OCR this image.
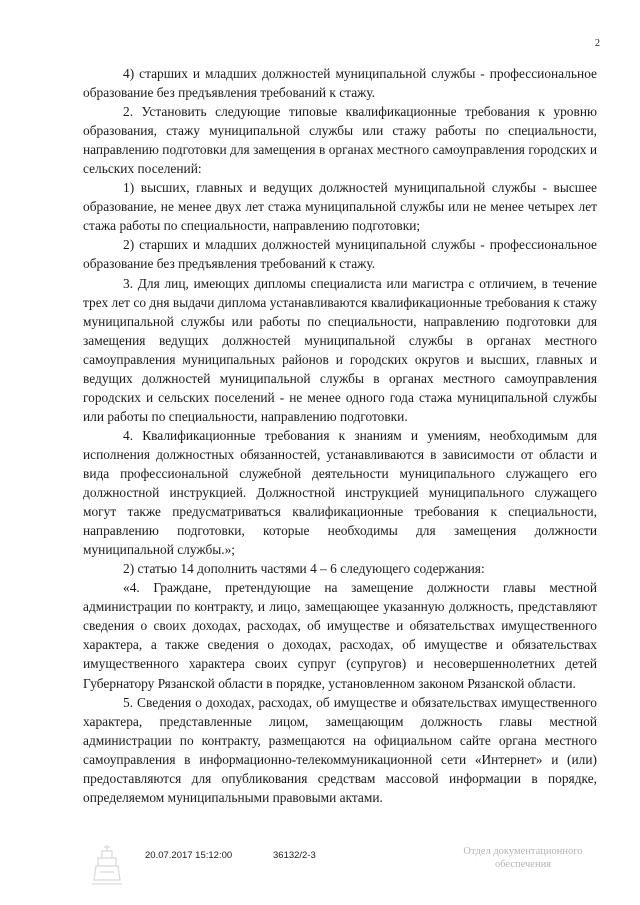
2

4) старших и младших должностей муниципальной службы - профессиональное образование без предъявления требований к стажу.

2. Установить следующие типовые квалификационные требования к уровню образования, стажу муниципальной службы или стажу работы по специальности, направлению подготовки для замещения в органах местного самоуправления городских и сельских поселений:

1) высших, главных и ведущих должностей муниципальной службы - высшее образование, не менее двух лет стажа муниципальной службы или не менее четырех лет стажа работы по специальности, направлению подготовки;

2) старших и младших должностей муниципальной службы - профессиональное образование без предъявления требований к стажу.

3. Для лиц, имеющих дипломы специалиста или магистра с отличием, в течение трех лет со дня выдачи диплома устанавливаются квалификационные требования к стажу муниципальной службы или работы по специальности, направлению подготовки для замещения ведущих должностей муниципальной службы в органах местного самоуправления муниципальных районов и городских округов и высших, главных и ведущих должностей муниципальной службы в органах местного самоуправления городских и сельских поселений - не менее одного года стажа муниципальной службы или работы по специальности, направлению подготовки.

4. Квалификационные требования к знаниям и умениям, необходимым для исполнения должностных обязанностей, устанавливаются в зависимости от области и вида профессиональной служебной деятельности муниципального служащего его должностной инструкцией. Должностной инструкцией муниципального служащего могут также предусматриваться квалификационные требования к специальности, направлению подготовки, которые необходимы для замещения должности муниципальной службы.»;

2) статью 14 дополнить частями 4 – 6 следующего содержания:

«4. Граждане, претендующие на замещение должности главы местной администрации по контракту, и лицо, замещающее указанную должность, представляют сведения о своих доходах, расходах, об имуществе и обязательствах имущественного характера, а также сведения о доходах, расходах, об имуществе и обязательствах имущественного характера своих супруг (супругов) и несовершеннолетних детей Губернатору Рязанской области в порядке, установленном законом Рязанской области.

5. Сведения о доходах, расходах, об имуществе и обязательствах имущественного характера, представленные лицом, замещающим должность главы местной администрации по контракту, размещаются на официальном сайте органа местного самоуправления в информационно-телекоммуникационной сети «Интернет» и (или) предоставляются для опубликования средствам массовой информации в порядке, определяемом муниципальными правовыми актами.

20.07.2017 15:12:00	36132/2-3	Отдел документационного обеспечения
